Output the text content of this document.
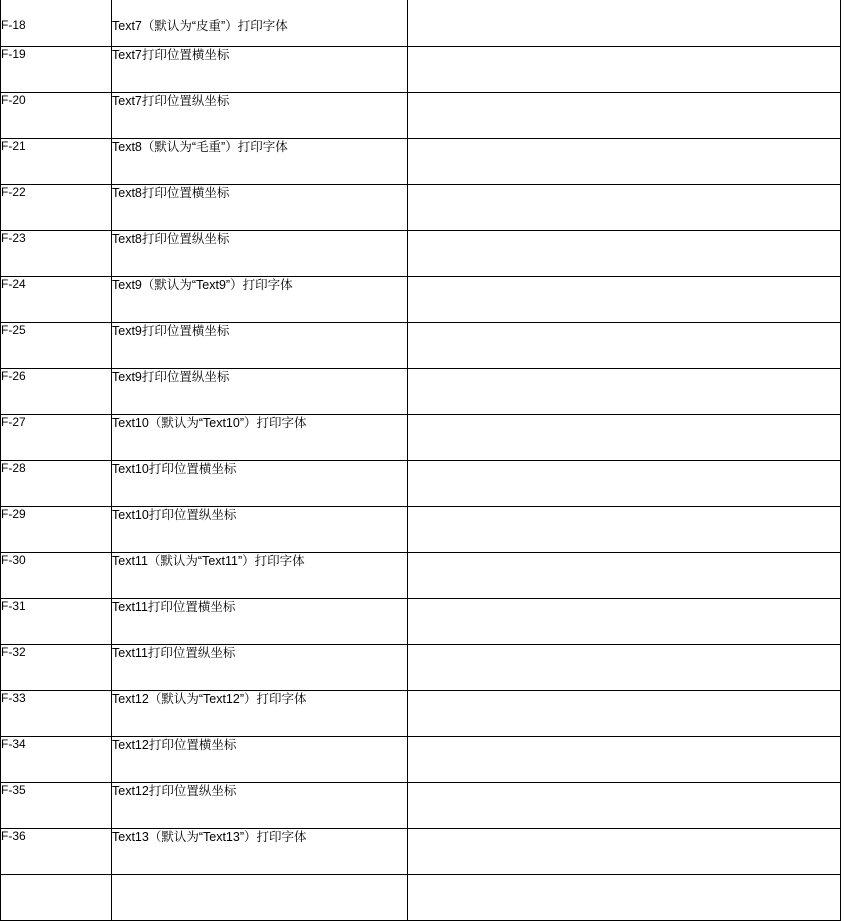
F-18	Text7（默认为“皮重”）打印字体	
F-19	Text7打印位置横坐标	
F-20	Text7打印位置纵坐标	
F-21	Text8（默认为“毛重”）打印字体	
F-22	Text8打印位置横坐标	
F-23	Text8打印位置纵坐标	
F-24	Text9（默认为“Text9”）打印字体	
F-25	Text9打印位置横坐标	
F-26	Text9打印位置纵坐标	
F-27	Text10（默认为“Text10”）打印字体	
F-28	Text10打印位置横坐标	
F-29	Text10打印位置纵坐标	
F-30	Text11（默认为“Text11”）打印字体	
F-31	Text11打印位置横坐标	
F-32	Text11打印位置纵坐标	
F-33	Text12（默认为“Text12”）打印字体	
F-34	Text12打印位置横坐标	
F-35	Text12打印位置纵坐标	
F-36	Text13（默认为“Text13”）打印字体	
